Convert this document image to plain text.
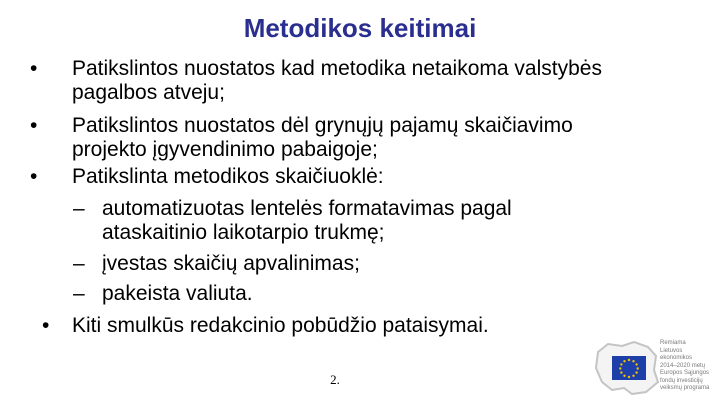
Metodikos keitimai
• Patikslintos nuostatos kad metodika netaikoma valstybės
pagalbos atveju;
• Patikslintos nuostatos dėl grynųjų pajamų skaičiavimo
projekto įgyvendinimo pabaigoje;
• Patikslinta metodikos skaičiuoklė:
– automatizuotas lentelės formatavimas pagal
ataskaitinio laikotarpio trukmę;
– įvestas skaičių apvalinimas;
– pakeista valiuta.
• Kiti smulkūs redakcinio pobūdžio pataisymai.
2.
Remiama
Lietuvos ekonomikos
2014–2020 metų
Europos Sąjungos
fondų investicijų
veiksmų programa
